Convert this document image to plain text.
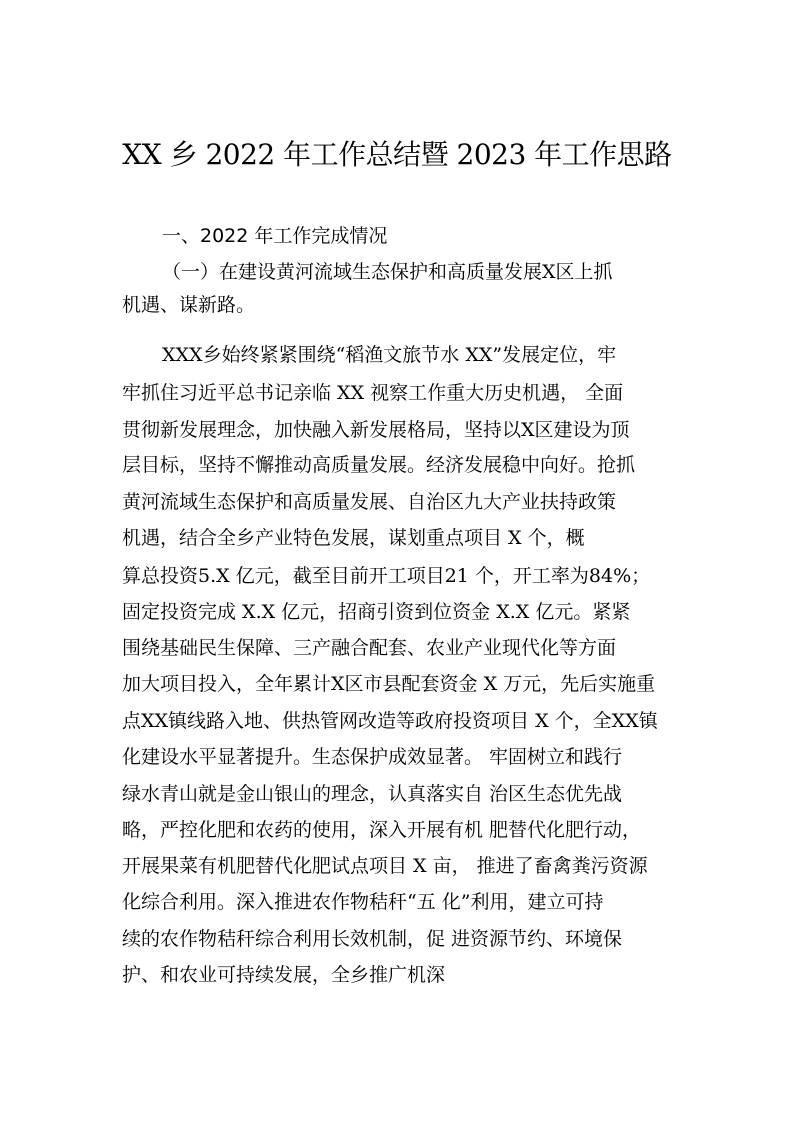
XX 乡 2022 年工作总结暨 2023 年工作思路
一、2022 年工作完成情况
（一）在建设黄河流域生态保护和高质量发展X区上抓
机遇、谋新路。
XXX乡始终紧紧围绕“稻渔文旅节水 XX”发展定位，牢
牢抓住习近平总书记亲临 XX 视察工作重大历史机遇， 全面
贯彻新发展理念，加快融入新发展格局，坚持以X区建设为顶
层目标，坚持不懈推动高质量发展。经济发展稳中向好。抢抓
黄河流域生态保护和高质量发展、自治区九大产业扶持政策
机遇，结合全乡产业特色发展，谋划重点项目 X 个，概
算总投资5.X 亿元，截至目前开工项目21 个，开工率为84%；
固定投资完成 X.X 亿元，招商引资到位资金 X.X 亿元。紧紧
围绕基础民生保障、三产融合配套、农业产业现代化等方面
加大项目投入，全年累计X区市县配套资金 X 万元，先后实施重
点XX镇线路入地、供热管网改造等政府投资项目 X 个，全XX镇
化建设水平显著提升。生态保护成效显著。 牢固树立和践行
绿水青山就是金山银山的理念，认真落实自 治区生态优先战
略，严控化肥和农药的使用，深入开展有机 肥替代化肥行动，
开展果菜有机肥替代化肥试点项目 X 亩， 推进了畜禽粪污资源
化综合利用。深入推进农作物秸秆“五 化”利用，建立可持
续的农作物秸秆综合利用长效机制，促 进资源节约、环境保
护、和农业可持续发展，全乡推广机深
